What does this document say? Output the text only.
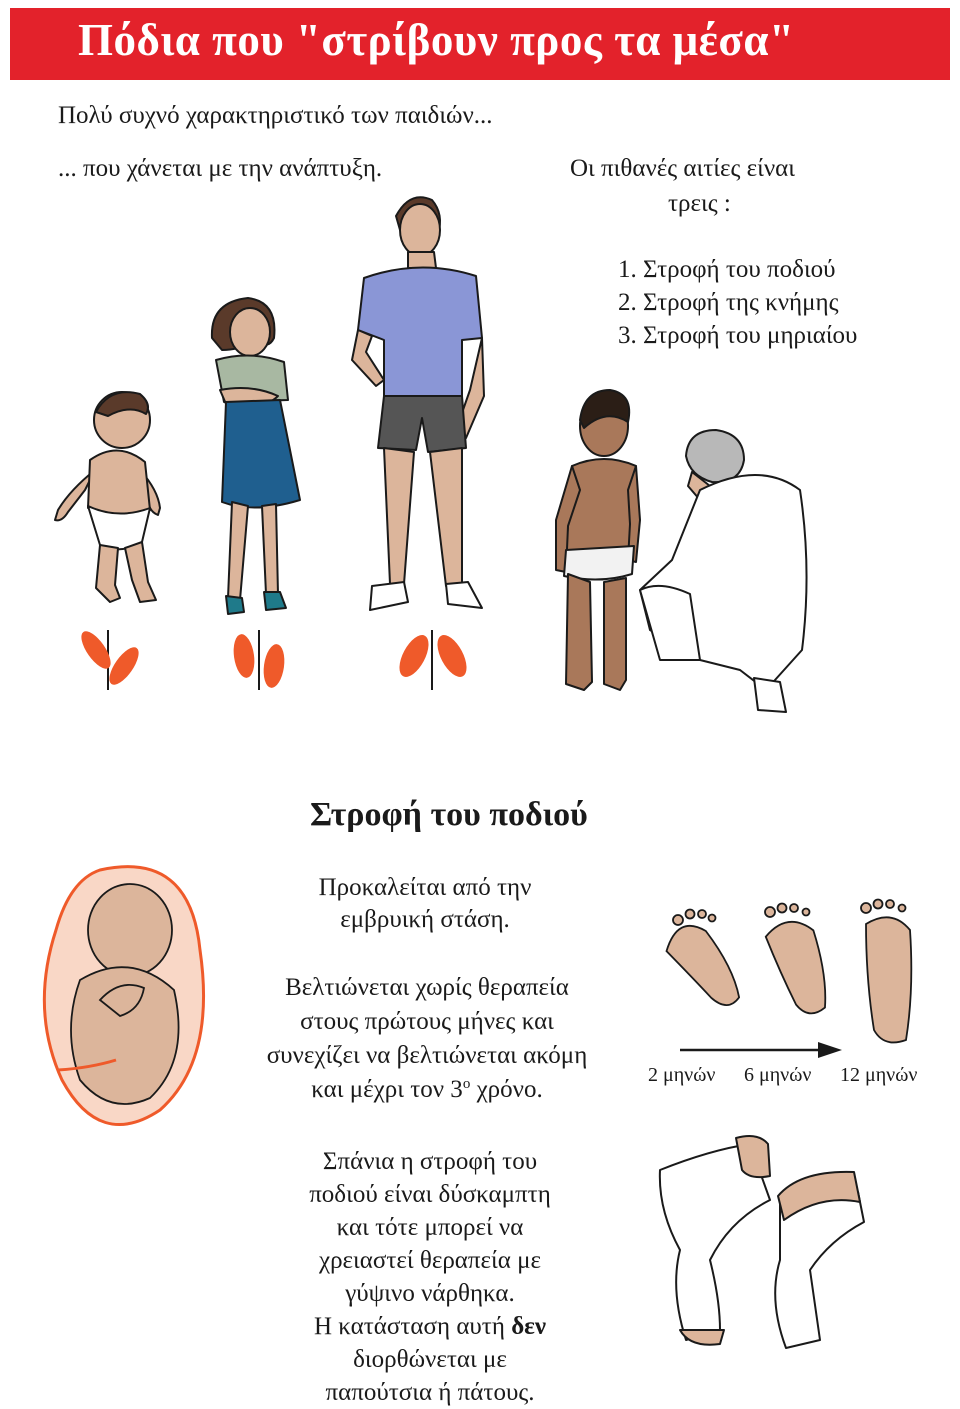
Πόδια που "στρίβουν προς τα μέσα"
Πολύ συχνό χαρακτηριστικό των παιδιών...
... που χάνεται με την ανάπτυξη.	Οι πιθανές αιτίες είναι
τρεις :
1. Στροφή του ποδιού
2. Στροφή της κνήμης
3. Στροφή του μηριαίου
Στροφή του ποδιού
Προκαλείται από την
εμβρυική στάση.
Βελτιώνεται χωρίς θεραπεία
στους πρώτους μήνες και
συνεχίζει να βελτιώνεται ακόμη
και μέχρι τον $3^o$ χρόνο.
2 μηνών 6 μηνών 12 μηνών
Σπάνια η στροφή του
ποδιού είναι δύσκαμπτη
και τότε μπορεί να
χρειαστεί θεραπεία με
γύψινο νάρθηκα.
Η κατάσταση αυτή δεν
διορθώνεται με
παπούτσια ή πάτους.
